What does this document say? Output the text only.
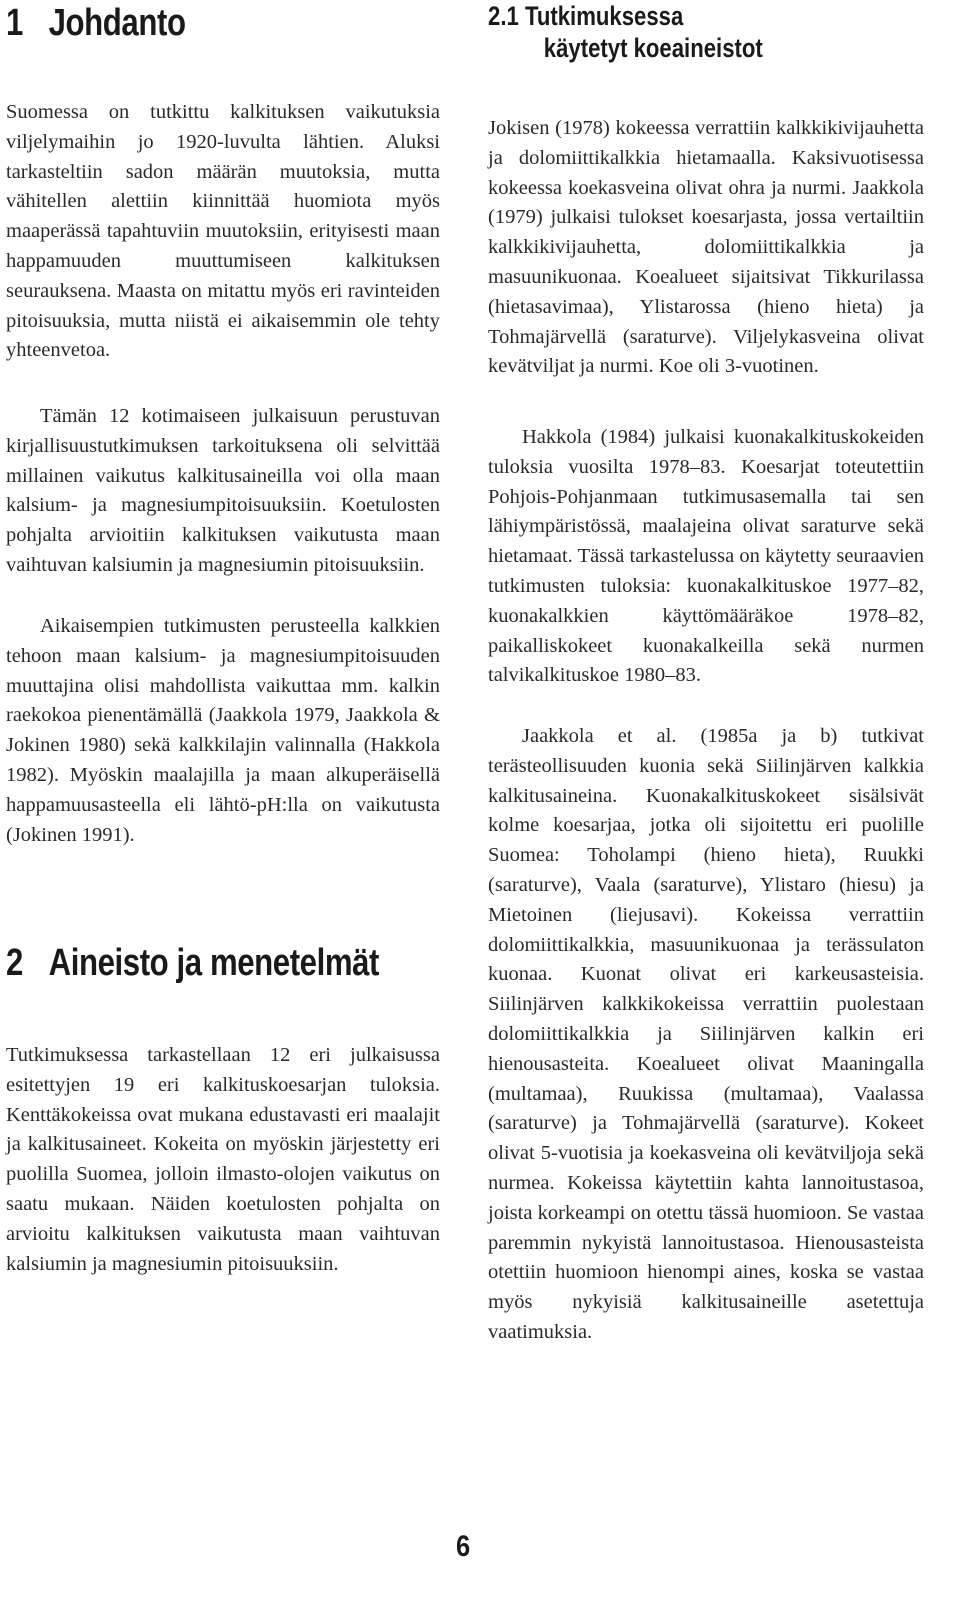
1 Johdanto

Suomessa on tutkittu kalkituksen vaikutuksia viljelymaihin jo 1920-luvulta lähtien. Aluksi tarkasteltiin sadon määrän muutoksia, mutta vähitellen alettiin kiinnittää huomiota myös maaperässä tapahtuviin muutoksiin, erityisesti maan happamuuden muuttumiseen kalkituksen seurauksena. Maasta on mitattu myös eri ravinteiden pitoisuuksia, mutta niistä ei aikaisemmin ole tehty yhteenvetoa.

Tämän 12 kotimaiseen julkaisuun perustuvan kirjallisuustutkimuksen tarkoituksena oli selvittää millainen vaikutus kalkitusaineilla voi olla maan kalsium- ja magnesiumpitoisuuksiin. Koetulosten pohjalta arvioitiin kalkituksen vaikutusta maan vaihtuvan kalsiumin ja magnesiumin pitoisuuksiin.

Aikaisempien tutkimusten perusteella kalkkien tehoon maan kalsium- ja magnesiumpitoisuuden muuttajina olisi mahdollista vaikuttaa mm. kalkin raekokoa pienentämällä (Jaakkola 1979, Jaakkola & Jokinen 1980) sekä kalkkilajin valinnalla (Hakkola 1982). Myöskin maalajilla ja maan alkuperäisellä happamuusasteella eli lähtö-pH:lla on vaikutusta (Jokinen 1991).

2 Aineisto ja menetelmät

Tutkimuksessa tarkastellaan 12 eri julkaisussa esitettyjen 19 eri kalkituskoesarjan tuloksia. Kenttäkokeissa ovat mukana edustavasti eri maalajit ja kalkitusaineet. Kokeita on myöskin järjestetty eri puolilla Suomea, jolloin ilmasto-olojen vaikutus on saatu mukaan. Näiden koetulosten pohjalta on arvioitu kalkituksen vaikutusta maan vaihtuvan kalsiumin ja magnesiumin pitoisuuksiin.

2.1 Tutkimuksessa
käytetyt koeaineistot

Jokisen (1978) kokeessa verrattiin kalkkikivijauhetta ja dolomiittikalkkia hietamaalla. Kaksivuotisessa kokeessa koekasveina olivat ohra ja nurmi. Jaakkola (1979) julkaisi tulokset koesarjasta, jossa vertailtiin kalkkikivijauhetta, dolomiittikalkkia ja masuunikuonaa. Koealueet sijaitsivat Tikkurilassa (hietasavimaa), Ylistarossa (hieno hieta) ja Tohmajärvellä (saraturve). Viljelykasveina olivat kevätviljat ja nurmi. Koe oli 3-vuotinen.

Hakkola (1984) julkaisi kuonakalkituskokeiden tuloksia vuosilta 1978–83. Koesarjat toteutettiin Pohjois-Pohjanmaan tutkimusasemalla tai sen lähiympäristössä, maalajeina olivat saraturve sekä hietamaat. Tässä tarkastelussa on käytetty seuraavien tutkimusten tuloksia: kuonakalkituskoe 1977–82, kuonakalkkien käyttömääräkoe 1978–82, paikalliskokeet kuonakalkeilla sekä nurmen talvikalkituskoe 1980–83.

Jaakkola et al. (1985a ja b) tutkivat terästeollisuuden kuonia sekä Siilinjärven kalkkia kalkitusaineina. Kuonakalkituskokeet sisälsivät kolme koesarjaa, jotka oli sijoitettu eri puolille Suomea: Toholampi (hieno hieta), Ruukki (saraturve), Vaala (saraturve), Ylistaro (hiesu) ja Mietoinen (liejusavi). Kokeissa verrattiin dolomiittikalkkia, masuunikuonaa ja terässulaton kuonaa. Kuonat olivat eri karkeusasteisia. Siilinjärven kalkkikokeissa verrattiin puolestaan dolomiittikalkkia ja Siilinjärven kalkin eri hienousasteita. Koealueet olivat Maaningalla (multamaa), Ruukissa (multamaa), Vaalassa (saraturve) ja Tohmajärvellä (saraturve). Kokeet olivat 5-vuotisia ja koekasveina oli kevätviljoja sekä nurmea. Kokeissa käytettiin kahta lannoitustasoa, joista korkeampi on otettu tässä huomioon. Se vastaa paremmin nykyistä lannoitustasoa. Hienousasteista otettiin huomioon hienompi aines, koska se vastaa myös nykyisiä kalkitusaineille asetettuja vaatimuksia.

6
